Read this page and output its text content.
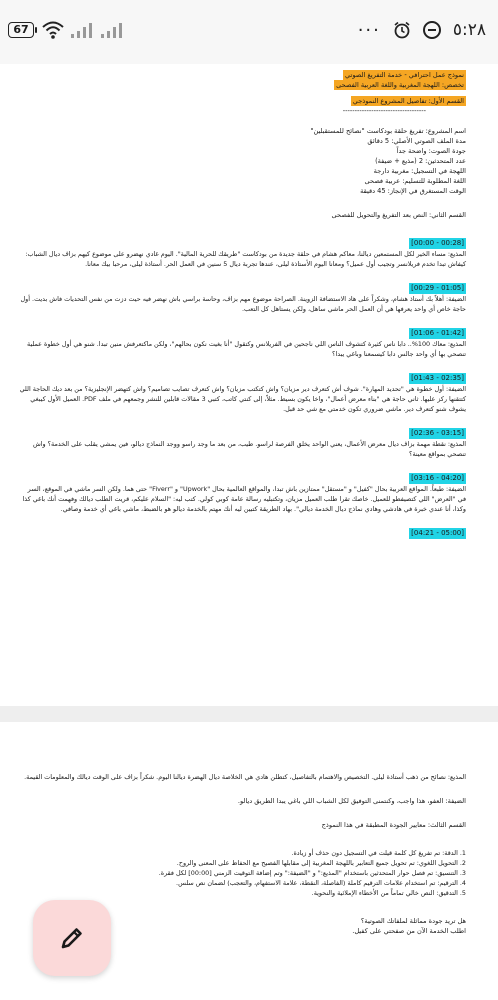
67	···	٥:٢٨
نموذج عمل احترافي - خدمة التفريغ الصوتي
تخصص: اللهجة المغربية واللغة العربية الفصحى
القسم الأول: تفاصيل المشروع النموذجي
-----------------------------------
اسم المشروع: تفريغ حلقة بودكاست "نصائح للمستقبلين"
مدة الملف الصوتي الأصلي: 5 دقائق
جودة الصوت: واضحة جداً
عدد المتحدثين: 2 (مذيع + ضيفة)
اللهجة في التسجيل: مغربية دارجة
اللغة المطلوبة للتسليم: عربية فصحى
الوقت المستغرق في الإنجاز: 45 دقيقة
القسم الثاني: النص بعد التفريغ والتحويل للفصحى
[00:28 - 00:00]
المذيع: مساء الخير لكل المستمعين ديالنا، معاكم هشام في حلقة جديدة من بودكاست "طريقك للحرية المالية". اليوم غادي نهضرو على موضوع كيهم بزاف ديال الشباب: كيفاش تبدا تخدم فريلانسر وتجيب أول عميل؟ ومعانا اليوم الأستاذة ليلى، عندها تجربة ديال 5 سنين في العمل الحر. أستاذة ليلى، مرحبا بيك معانا.
[01:05 - 00:29]
الضيفة: أهلاً بك أستاذ هشام، وشكراً على هاد الاستضافة الزوينة. الصراحة موضوع مهم بزاف، وحاسة براسي باش نهضر فيه حيت دزت من نفس التحديات فاش بديت. أول حاجة خاص أي واحد يعرفها هي أن العمل الحر ماشي ساهل، ولكن يستاهل كل التعب.
[01:42 - 01:06]
المذيع: معاك 100%.. دابا ناس كثيرة كتشوف الناس اللي ناجحين في الفريلانس وكتقول "أنا بغيت نكون بحالهم"، ولكن ماكتعرفش منين تبدا. شنو هي أول خطوة عملية تنصحي بها أي واحد جالس دابا كيسمعنا وباغي يبدا؟
[02:35 - 01:43]
الضيفة: أول خطوة هي "تحديد المهارة". شوف أش كتعرف دير مزيان؟ واش كتكتب مزيان؟ واش كتعرف تصايب تصاميم؟ واش كتهضر الإنجليزية؟ من بعد ديك الحاجة اللي كتتقنها ركز عليها. ثاني حاجة هي "بناء معرض أعمال"، واخا يكون بسيط. مثلاً، إلى كنتي كاتب، كتبي 3 مقالات قابلين للنشر وجمعهم في ملف PDF. العميل الأول كيبغي يشوف شنو كتعرف دير. ماشي ضروري تكون خدمتي مع شي حد قبل.
[03:15 - 02:36]
المذيع: نقطة مهمة بزاف ديال معرض الأعمال، يعني الواحد يخلق الفرصة لراسو. طيب، من بعد ما وجد راسو ووجد النماذج ديالو، فين يمشي يقلب على الخدمة؟ واش تنصحي بمواقع معينة؟
[04:20 - 03:16]
الضيفة: طبعاً. المواقع العربية بحال "كفيل" و "مستقل" ممتازين باش تبدا، والمواقع العالمية بحال "Upwork" و "Fiverr" حتى هما. ولكن السر ماشي في الموقع، السر في "العرض" اللي كتصيفطو للعميل. خاصك تقرا طلب العميل مزيان، وتكتبليه رسالة عامة كوبي كولي. كتب ليه: "السلام عليكم، قريت الطلب ديالك وفهمت أنك باغي كذا وكذا، أنا عندي خبرة في هادشي وهادي نماذج ديال الخدمة ديالي". بهاد الطريقة كتبين ليه أنك مهتم بالخدمة ديالو هو بالضبط، ماشي باغي أي خدمة وصافي.
[05:00 - 04:21]
المذيع: نصائح من ذهب أستاذة ليلى. التخصيص والاهتمام بالتفاصيل، كتطلن هادي هي الخلاصة ديال الهضرة ديالنا اليوم. شكراً بزاف على الوقت ديالك والمعلومات القيمة.
الضيفة: العفو، هذا واجب، وكنتمنى التوفيق لكل الشباب اللي باغي يبدا الطريق ديالو.
القسم الثالث: معايير الجودة المطبقة في هذا النموذج
1. الدقة: تم تفريغ كل كلمة قيلت في التسجيل دون حذف أو زيادة.
2. التحويل اللغوي: تم تحويل جميع التعابير باللهجة المغربية إلى مقابلها الفصيح مع الحفاظ على المعنى والروح.
3. التنسيق: تم فصل حوار المتحدثين باستخدام "المذيع:" و "الضيفة:" وتم إضافة التوقيت الزمني [00:00] لكل فقرة.
4. الترقيم: تم استخدام علامات الترقيم كاملة (الفاصلة، النقطة، علامة الاستفهام، والتعجب) لضمان نص سلس.
5. التدقيق: النص خالي تماماً من الأخطاء الإملائية والنحوية.
هل تريد جودة مماثلة لملفاتك الصوتية؟
اطلب الخدمة الآن من صفحتي على كفيل.
